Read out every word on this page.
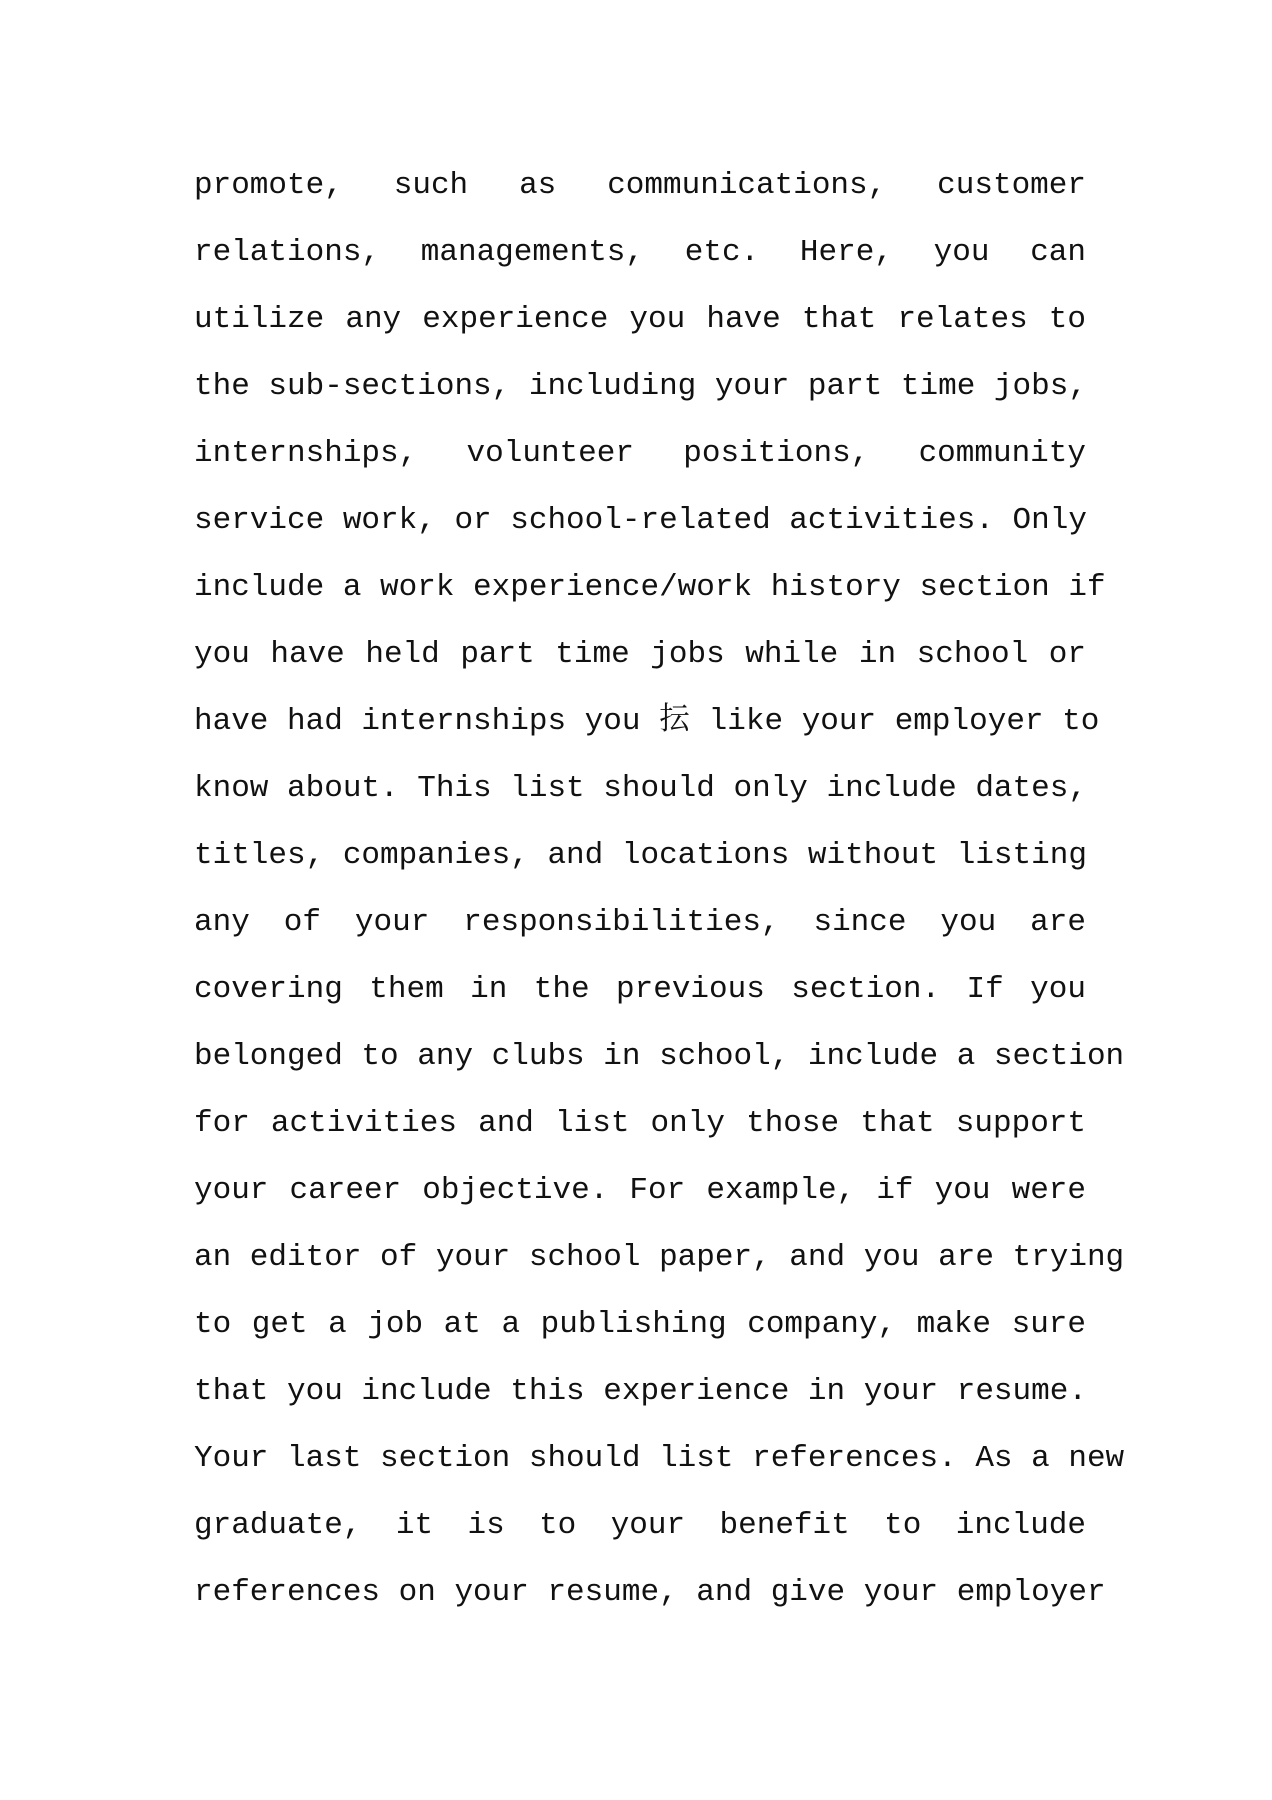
promote, such as communications, customer
relations, managements, etc. Here, you can
utilize any experience you have that relates to
the sub-sections, including your part time jobs,
internships, volunteer positions, community
service work, or school-related activities. Only
include a work experience/work history section if
you have held part time jobs while in school or
have had internships you 抎 like your employer to
know about. This list should only include dates,
titles, companies, and locations without listing
any of your responsibilities, since you are
covering them in the previous section. If you
belonged to any clubs in school, include a section
for activities and list only those that support
your career objective. For example, if you were
an editor of your school paper, and you are trying
to get a job at a publishing company, make sure
that you include this experience in your resume.
Your last section should list references. As a new
graduate, it is to your benefit to include
references on your resume, and give your employer
